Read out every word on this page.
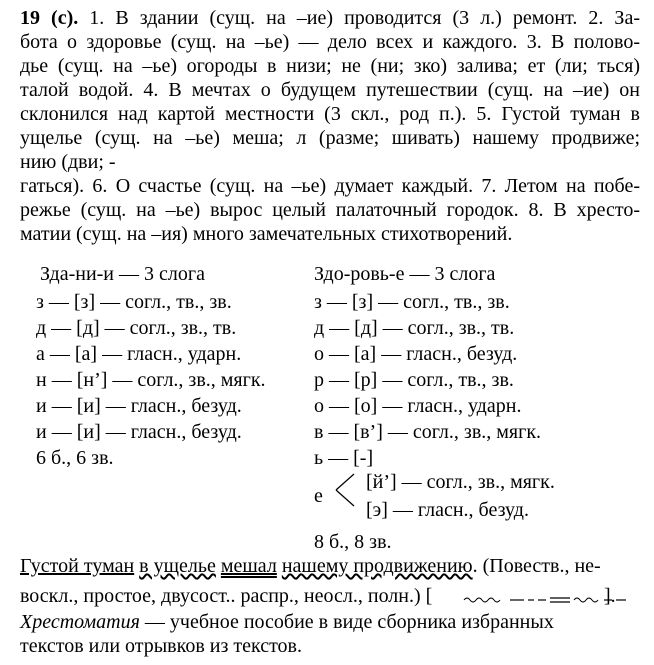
19 (с). 1. В здании (сущ. на –ие) проводится (3 л.) ремонт. 2. За-
бота о здоровье (сущ. на –ье) — дело всех и каждого. 3. В полово-
дье (сущ. на –ье) огороды в низи; не (ни; зко) залива; ет (ли; ться)
талой водой. 4. В мечтах о будущем путешествии (сущ. на –ие) он
склонился над картой местности (3 скл., род п.). 5. Густой туман в
ущелье (сущ. на –ье) меша; л (разме; шивать) нашему продвиже;
нию (дви; -
гаться). 6. О счастье (сущ. на –ье) думает каждый. 7. Летом на побе-
режье (сущ. на –ье) вырос целый палаточный городок. 8. В хресто-
матии (сущ. на –ия) много замечательных стихотворений.
Зда-ни-и — 3 слога	Здо-ровь-е — 3 слога
з — [з] — согл., тв., зв.
д — [д] — согл., зв., тв.
а — [а] — гласн., ударн.
н — [н’] — согл., зв., мягк.
и — [и] — гласн., безуд.
и — [и] — гласн., безуд.
з — [з] — согл., тв., зв.
д — [д] — согл., зв., тв.
о — [а] — гласн., безуд.
р — [р] — согл., тв., зв.
о — [о] — гласн., ударн.
в — [в’] — согл., зв., мягк.
ь — [-]
6 б., 6 зв.
е
[й’] — согл., зв., мягк.
[э] — гласн., безуд.
8 б., 8 зв.
Густой туман в ущелье мешал нашему продвижению. (Повеств., не-
воскл., простое, двусост.. распр., неосл., полн.) [	].
Хрестоматия — учебное пособие в виде сборника избранных
текстов или отрывков из текстов.
